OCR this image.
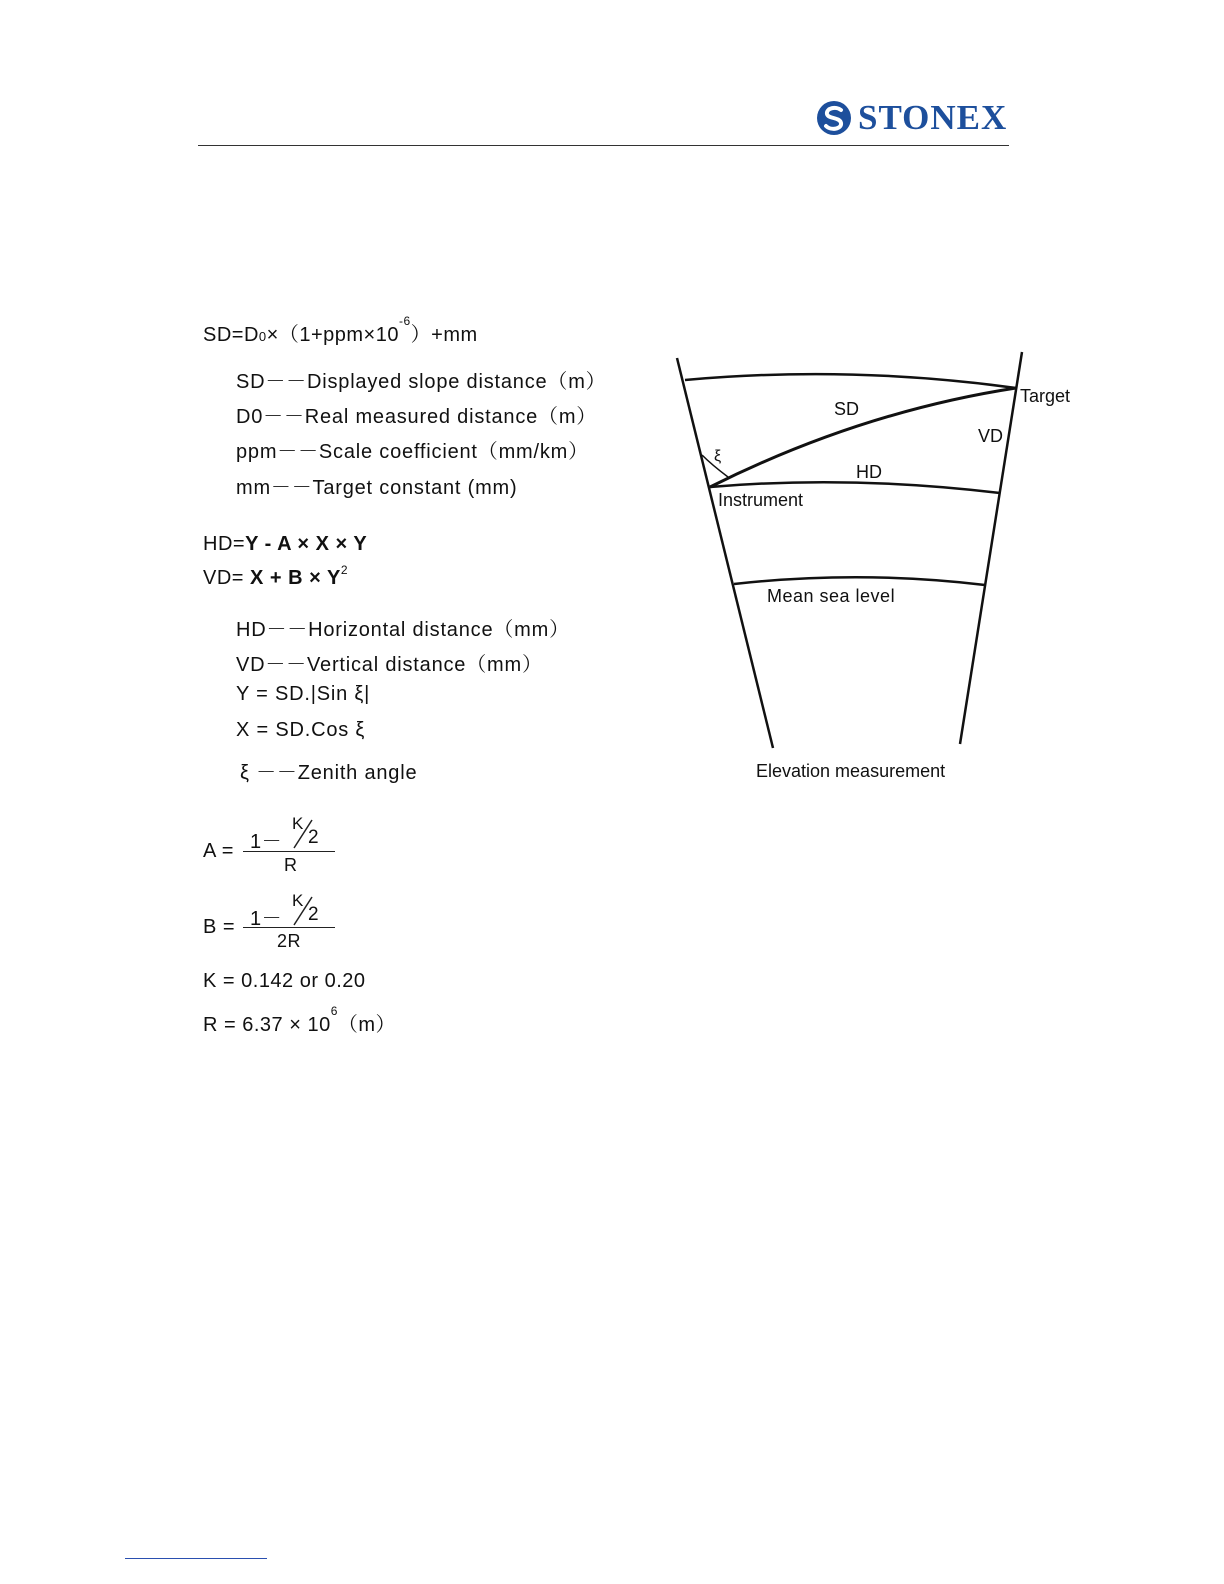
STONEX
$SD=D0\times(1+ppm\times 10^{-6})+mm$
SD－－Displayed slope distance（m）
D0－－Real measured distance（m）
ppm－－Scale coefficient（mm/km）
mm－－Target constant (mm)
HD=Y - A × X × Y
$VD= X + B \times Y^2$
HD－－Horizontal distance（mm）
VD－－Vertical distance（mm）
Y = SD.|Sin ξ|
X = SD.Cos ξ
ξ －－Zenith angle
A = 1－
K
2
R
B = 1－
K
2
2R
K = 0.142 or 0.20
$R = 6.37 \times 10^6(m)$
Target
SD
VD
HD
ξ
Instrument
Mean sea level
Elevation measurement
